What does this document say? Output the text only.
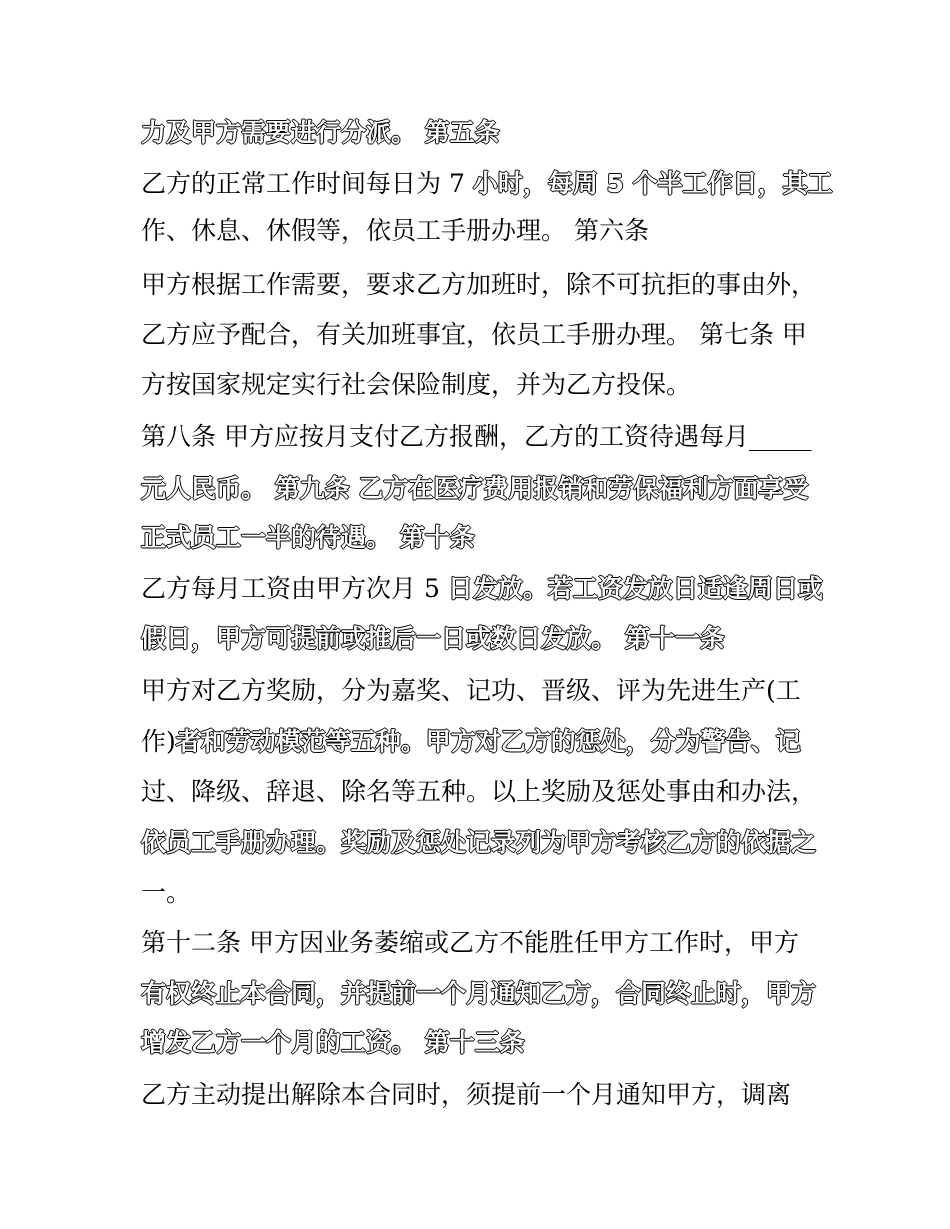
力及甲方需要进行分派。 第五条
乙方的正常工作时间每日为 7 小时，每周 5 个半工作日，其工
作、休息、休假等，依员工手册办理。 第六条
甲方根据工作需要，要求乙方加班时，除不可抗拒的事由外，
乙方应予配合，有关加班事宜，依员工手册办理。 第七条 甲
方按国家规定实行社会保险制度，并为乙方投保。
第八条 甲方应按月支付乙方报酬，乙方的工资待遇每月_____
元人民币。 第九条 乙方在医疗费用报销和劳保福利方面享受
正式员工一半的待遇。 第十条
乙方每月工资由甲方次月 5 日发放。若工资发放日适逢周日或
假日，甲方可提前或推后一日或数日发放。 第十一条
甲方对乙方奖励，分为嘉奖、记功、晋级、评为先进生产(工
作)者和劳动模范等五种。甲方对乙方的惩处，分为警告、记
过、降级、辞退、除名等五种。以上奖励及惩处事由和办法，
依员工手册办理。奖励及惩处记录列为甲方考核乙方的依据之
一。
第十二条 甲方因业务萎缩或乙方不能胜任甲方工作时，甲方
有权终止本合同，并提前一个月通知乙方，合同终止时，甲方
增发乙方一个月的工资。 第十三条
乙方主动提出解除本合同时，须提前一个月通知甲方，调离
